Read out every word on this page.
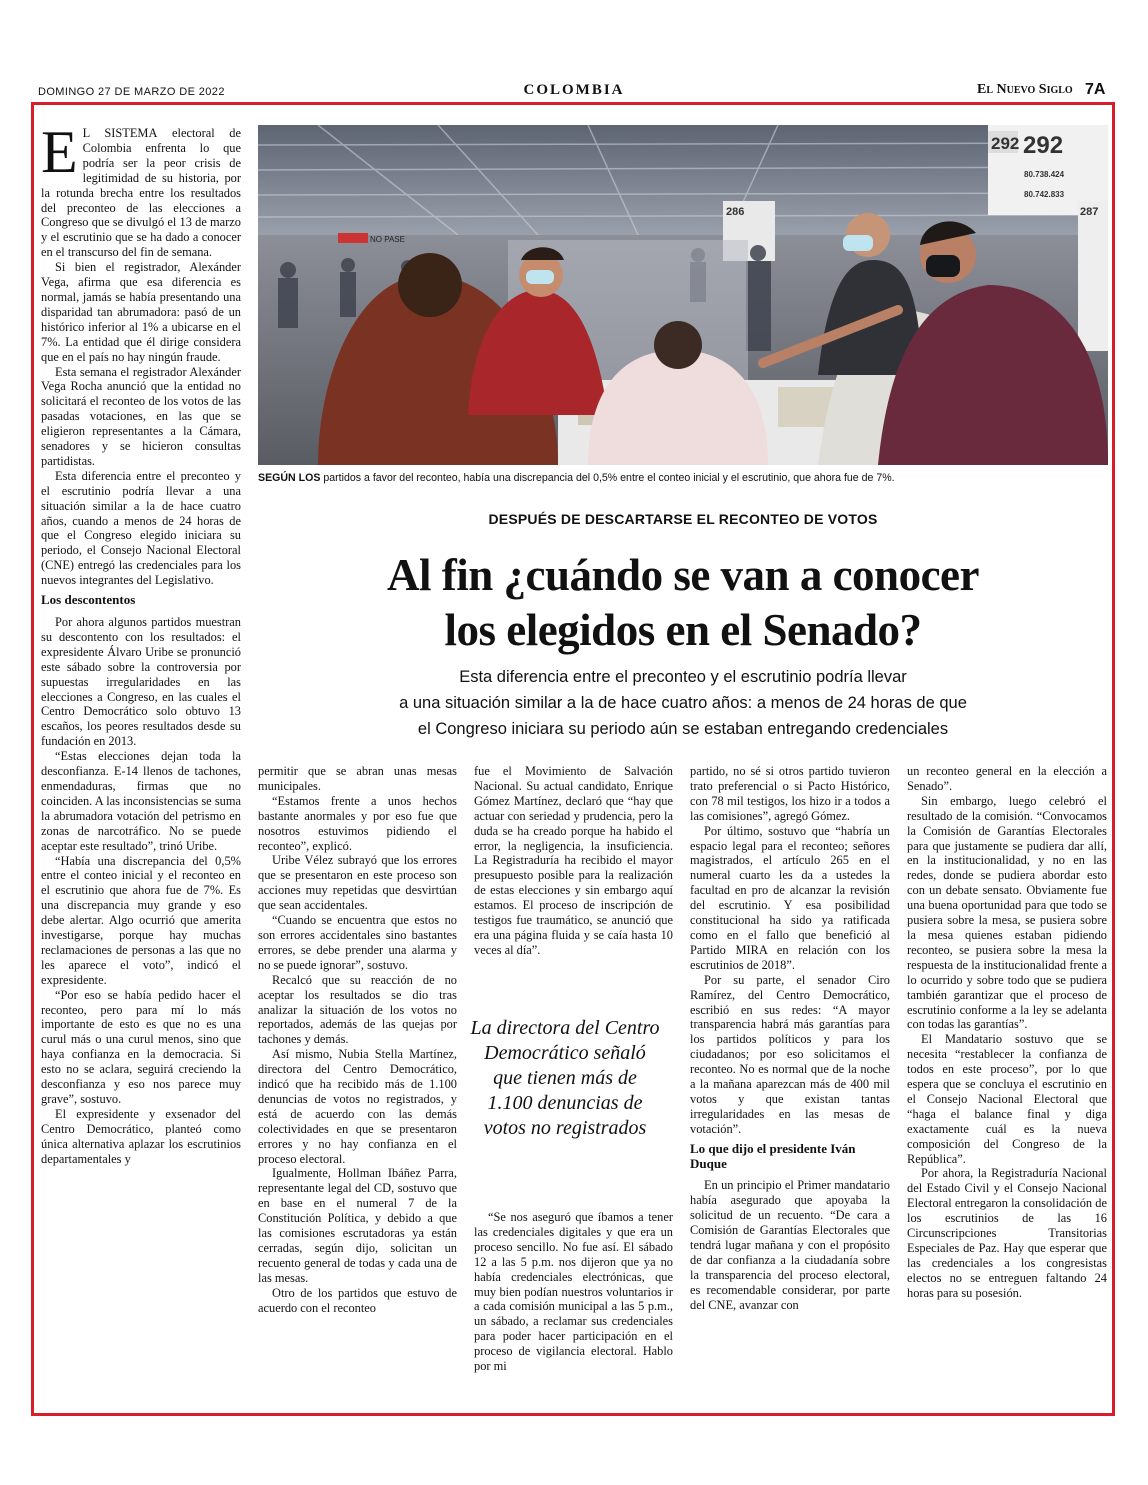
DOMINGO 27 DE MARZO DE 2022	COLOMBIA	El Nuevo Siglo 7A

E L SISTEMA electoral de Colombia enfrenta lo que podría ser la peor crisis de legitimidad de su historia, por la rotunda brecha entre los resultados del preconteo de las elecciones a Congreso que se divulgó el 13 de marzo y el escrutinio que se ha dado a conocer en el transcurso del fin de semana.

Si bien el registrador, Alexánder Vega, afirma que esa diferencia es normal, jamás se había presentando una disparidad tan abrumadora: pasó de un histórico inferior al 1% a ubicarse en el 7%. La entidad que él dirige considera que en el país no hay ningún fraude.

Esta semana el registrador Alexánder Vega Rocha anunció que la entidad no solicitará el reconteo de los votos de las pasadas votaciones, en las que se eligieron representantes a la Cámara, senadores y se hicieron consultas partidistas.

Esta diferencia entre el preconteo y el escrutinio podría llevar a una situación similar a la de hace cuatro años, cuando a menos de 24 horas de que el Congreso elegido iniciara su periodo, el Consejo Nacional Electoral (CNE) entregó las credenciales para los nuevos integrantes del Legislativo.

Los descontentos

Por ahora algunos partidos muestran su descontento con los resultados: el expresidente Álvaro Uribe se pronunció este sábado sobre la controversia por supuestas irregularidades en las elecciones a Congreso, en las cuales el Centro Democrático solo obtuvo 13 escaños, los peores resultados desde su fundación en 2013.

“Estas elecciones dejan toda la desconfianza. E-14 llenos de tachones, enmendaduras, firmas que no coinciden. A las inconsistencias se suma la abrumadora votación del petrismo en zonas de narcotráfico. No se puede aceptar este resultado”, trinó Uribe.

“Había una discrepancia del 0,5% entre el conteo inicial y el reconteo en el escrutinio que ahora fue de 7%. Es una discrepancia muy grande y eso debe alertar. Algo ocurrió que amerita investigarse, porque hay muchas reclamaciones de personas a las que no les aparece el voto”, indicó el expresidente.

“Por eso se había pedido hacer el reconteo, pero para mí lo más importante de esto es que no es una curul más o una curul menos, sino que haya confianza en la democracia. Si esto no se aclara, seguirá creciendo la desconfianza y eso nos parece muy grave”, sostuvo.

El expresidente y exsenador del Centro Democrático, planteó como única alternativa aplazar los escrutinios departamentales y

NO PASE
292 292
80.738.424
80.742.833
286	287
SEGÚN LOS partidos a favor del reconteo, había una discrepancia del 0,5% entre el conteo inicial y el escrutinio, que ahora fue de 7%.
DESPUÉS DE DESCARTARSE EL RECONTEO DE VOTOS
Al fin ¿cuándo se van a conocer
los elegidos en el Senado?
Esta diferencia entre el preconteo y el escrutinio podría llevar
a una situación similar a la de hace cuatro años: a menos de 24 horas de que
el Congreso iniciara su periodo aún se estaban entregando credenciales

permitir que se abran unas mesas municipales.

“Estamos frente a unos hechos bastante anormales y por eso fue que nosotros estuvimos pidiendo el reconteo”, explicó.

Uribe Vélez subrayó que los errores que se presentaron en este proceso son acciones muy repetidas que desvirtúan que sean accidentales.

“Cuando se encuentra que estos no son errores accidentales sino bastantes errores, se debe prender una alarma y no se puede ignorar”, sostuvo.

Recalcó que su reacción de no aceptar los resultados se dio tras analizar la situación de los votos no reportados, además de las quejas por tachones y demás.

Así mismo, Nubia Stella Martínez, directora del Centro Democrático, indicó que ha recibido más de 1.100 denuncias de votos no registrados, y está de acuerdo con las demás colectividades en que se presentaron errores y no hay confianza en el proceso electoral.

Igualmente, Hollman Ibáñez Parra, representante legal del CD, sostuvo que en base en el numeral 7 de la Constitución Política, y debido a que las comisiones escrutadoras ya están cerradas, según dijo, solicitan un recuento general de todas y cada una de las mesas.

Otro de los partidos que estuvo de acuerdo con el reconteo

fue el Movimiento de Salvación Nacional. Su actual candidato, Enrique Gómez Martínez, declaró que “hay que actuar con seriedad y prudencia, pero la duda se ha creado porque ha habido el error, la negligencia, la insuficiencia. La Registraduría ha recibido el mayor presupuesto posible para la realización de estas elecciones y sin embargo aquí estamos. El proceso de inscripción de testigos fue traumático, se anunció que era una página fluida y se caía hasta 10 veces al día”.

La directora del Centro Democrático señaló que tienen más de 1.100 denuncias de votos no registrados

“Se nos aseguró que íbamos a tener las credenciales digitales y que era un proceso sencillo. No fue así. El sábado 12 a las 5 p.m. nos dijeron que ya no había credenciales electrónicas, que muy bien podían nuestros voluntarios ir a cada comisión municipal a las 5 p.m., un sábado, a reclamar sus credenciales para poder hacer participación en el proceso de vigilancia electoral. Hablo por mi

partido, no sé si otros partido tuvieron trato preferencial o si Pacto Histórico, con 78 mil testigos, los hizo ir a todos a las comisiones”, agregó Gómez.

Por último, sostuvo que “habría un espacio legal para el reconteo; señores magistrados, el artículo 265 en el numeral cuarto les da a ustedes la facultad en pro de alcanzar la revisión del escrutinio. Y esa posibilidad constitucional ha sido ya ratificada como en el fallo que benefició al Partido MIRA en relación con los escrutinios de 2018”.

Por su parte, el senador Ciro Ramírez, del Centro Democrático, escribió en sus redes: “A mayor transparencia habrá más garantías para los partidos políticos y para los ciudadanos; por eso solicitamos el reconteo. No es normal que de la noche a la mañana aparezcan más de 400 mil votos y que existan tantas irregularidades en las mesas de votación”.

Lo que dijo el presidente Iván Duque

En un principio el Primer mandatario había asegurado que apoyaba la solicitud de un recuento. “De cara a Comisión de Garantías Electorales que tendrá lugar mañana y con el propósito de dar confianza a la ciudadanía sobre la transparencia del proceso electoral, es recomendable considerar, por parte del CNE, avanzar con

un reconteo general en la elección a Senado”.

Sin embargo, luego celebró el resultado de la comisión. “Convocamos la Comisión de Garantías Electorales para que justamente se pudiera dar allí, en la institucionalidad, y no en las redes, donde se pudiera abordar esto con un debate sensato. Obviamente fue una buena oportunidad para que todo se pusiera sobre la mesa, se pusiera sobre la mesa quienes estaban pidiendo reconteo, se pusiera sobre la mesa la respuesta de la institucionalidad frente a lo ocurrido y sobre todo que se pudiera también garantizar que el proceso de escrutinio conforme a la ley se adelanta con todas las garantías”.

El Mandatario sostuvo que se necesita “restablecer la confianza de todos en este proceso”, por lo que espera que se concluya el escrutinio en el Consejo Nacional Electoral que “haga el balance final y diga exactamente cuál es la nueva composición del Congreso de la República”.

Por ahora, la Registraduría Nacional del Estado Civil y el Consejo Nacional Electoral entregaron la consolidación de los escrutinios de las 16 Circunscripciones Transitorias Especiales de Paz. Hay que esperar que las credenciales a los congresistas electos no se entreguen faltando 24 horas para su posesión.
